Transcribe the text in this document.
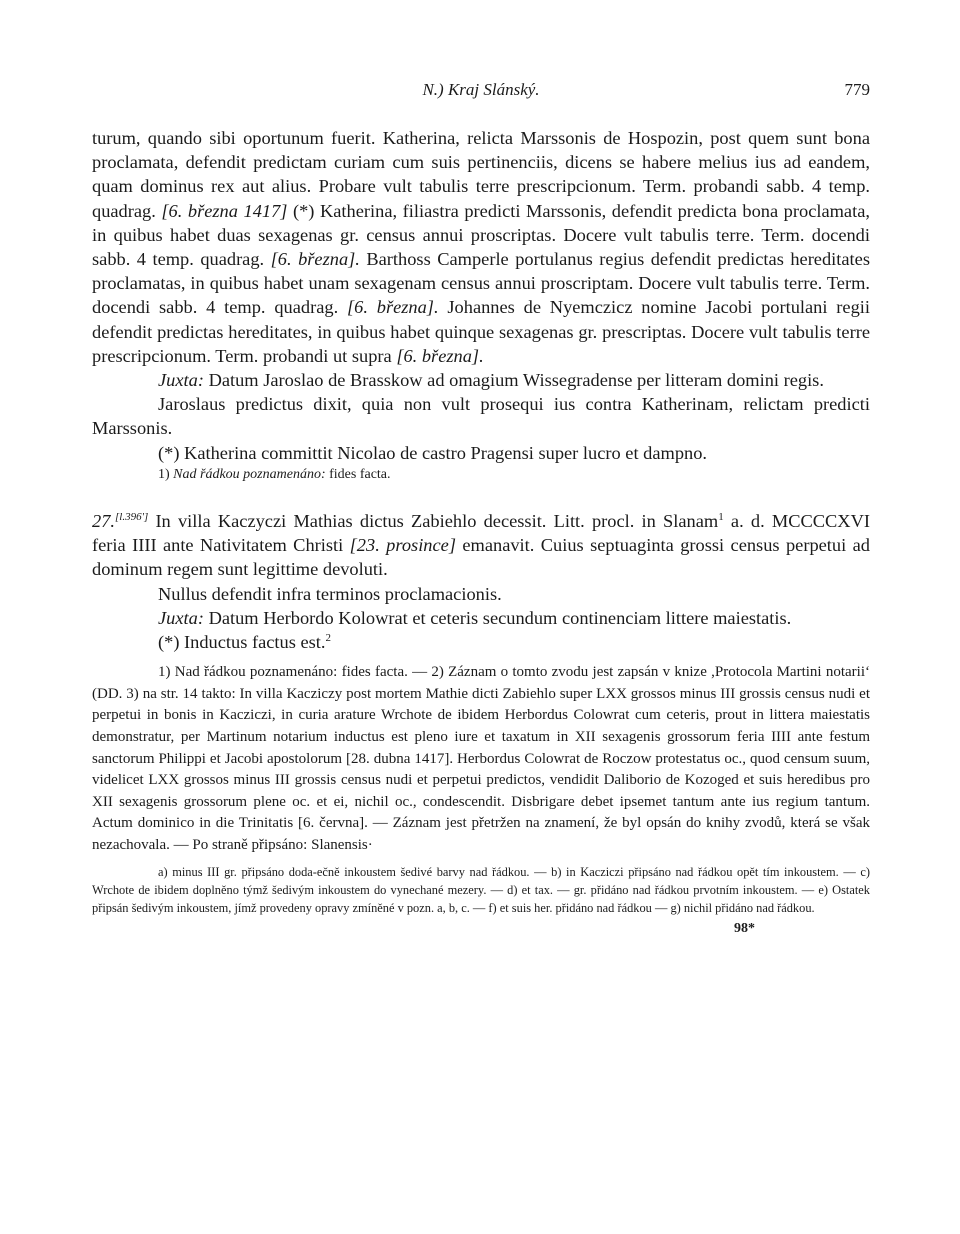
N.) Kraj Slánský.	779

turum, quando sibi oportunum fuerit. Katherina, relicta Marssonis de Hospozin, post quem sunt bona proclamata, defendit predictam curiam cum suis pertinenciis, dicens se habere melius ius ad eandem, quam dominus rex aut alius. Probare vult tabulis terre prescripcionum. Term. probandi sabb. 4 temp. quadrag. [6. března 1417] (*) Katherina, filiastra predicti Marssonis, defendit predicta bona proclamata, in quibus habet duas sexagenas gr. census annui proscriptas. Docere vult tabulis terre. Term. docendi sabb. 4 temp. quadrag. [6. března]. Barthoss Camperle portulanus regius defendit predictas hereditates proclamatas, in quibus habet unam sexagenam census annui proscriptam. Docere vult tabulis terre. Term. docendi sabb. 4 temp. quadrag. [6. března]. Johannes de Nyemczicz nomine Jacobi portulani regii defendit predictas hereditates, in quibus habet quinque sexagenas gr. prescriptas. Docere vult tabulis terre prescripcionum. Term. probandi ut supra [6. března].

Juxta: Datum Jaroslao de Brasskow ad omagium Wissegradense per litteram domini regis.

Jaroslaus predictus dixit, quia non vult prosequi ius contra Katherinam, relictam predicti Marssonis.

(*) Katherina committit Nicolao de castro Pragensi super lucro et dampno.

1) Nad řádkou poznamenáno: fides facta.

27.[l.396'] In villa Kaczyczi Mathias dictus Zabiehlo decessit. Litt. procl. in Slanam$^1$ a. d. MCCCCXVI feria IIII ante Nativitatem Christi [23. prosince] emanavit. Cuius septuaginta grossi census perpetui ad dominum regem sunt legittime devoluti.

Nullus defendit infra terminos proclamacionis.

Juxta: Datum Herbordo Kolowrat et ceteris secundum continenciam littere maiestatis.

(*) Inductus factus est.$^2$

1) Nad řádkou poznamenáno: fides facta. — 2) Záznam o tomto zvodu jest zapsán v knize ,Protocola Martini notarii‘ (DD. 3) na str. 14 takto: In villa Kacziczy post mortem Mathie dicti Zabiehlo super LXX grossos minus III grossis census nudi et perpetui in bonis in Kacziczi, in curia arature Wrchote de ibidem Herbordus Colowrat cum ceteris, prout in littera maiestatis demonstratur, per Martinum notarium inductus est pleno iure et taxatum in XII sexagenis grossorum feria IIII ante festum sanctorum Philippi et Jacobi apostolorum [28. dubna 1417]. Herbordus Colowrat de Roczow protestatus oc., quod censum suum, videlicet LXX grossos minus III grossis census nudi et perpetui predictos, vendidit Daliborio de Kozoged et suis heredibus pro XII sexagenis grossorum plene oc. et ei, nichil oc., condescendit. Disbrigare debet ipsemet tantum ante ius regium tantum. Actum dominico in die Trinitatis [6. června]. — Záznam jest přetržen na znamení, že byl opsán do knihy zvodů, která se však nezachovala. — Po straně připsáno: Slanensis·

a) minus III gr. připsáno doda-ečně inkoustem šedivé barvy nad řádkou. — b) in Kacziczi připsáno nad řádkou opět tím inkoustem. — c) Wrchote de ibidem doplněno týmž šedivým inkoustem do vynechané mezery. — d) et tax. — gr. přidáno nad řádkou prvotním inkoustem. — e) Ostatek připsán šedivým inkoustem, jímž provedeny opravy zmíněné v pozn. a, b, c. — f) et suis her. přidáno nad řádkou — g) nichil přidáno nad řádkou.

98*
